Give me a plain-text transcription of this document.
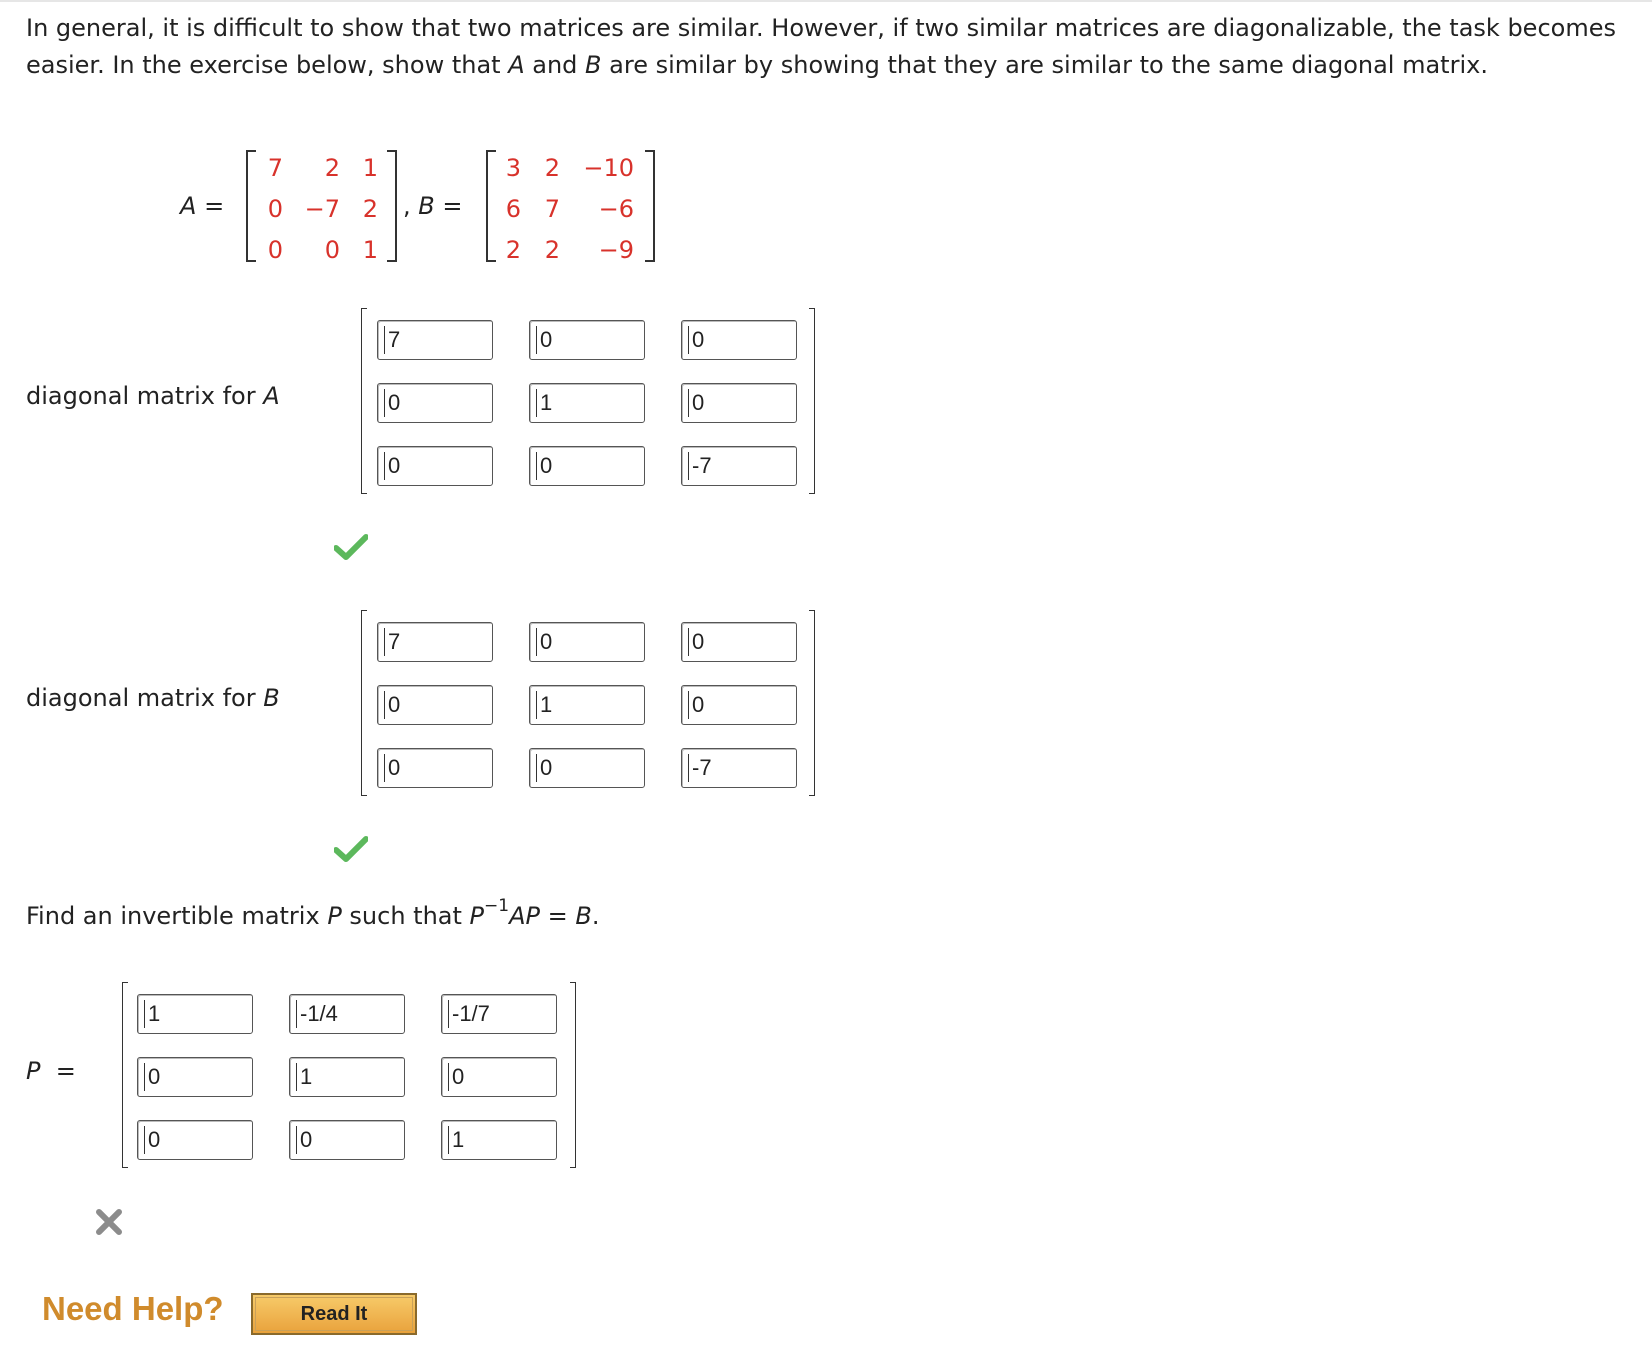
In general, it is difficult to show that two matrices are similar. However, if two similar matrices are diagonalizable, the task becomes easier. In the exercise below, show that A and B are similar by showing that they are similar to the same diagonal matrix.

A =
7	2 1
0 −7 2
0	0 1
, B =
3 2 −10
6 7	−6
2 2	−9
diagonal matrix for A
7	0	0
0	1	0
0	0	-7
diagonal matrix for B
7	0	0
0	1	0
0	0	-7
Find an invertible matrix P such that $P^{-1}AP = B$.
P =
1	-1/4	-1/7
0	1	0
0	0	1
Need Help?	Read It
